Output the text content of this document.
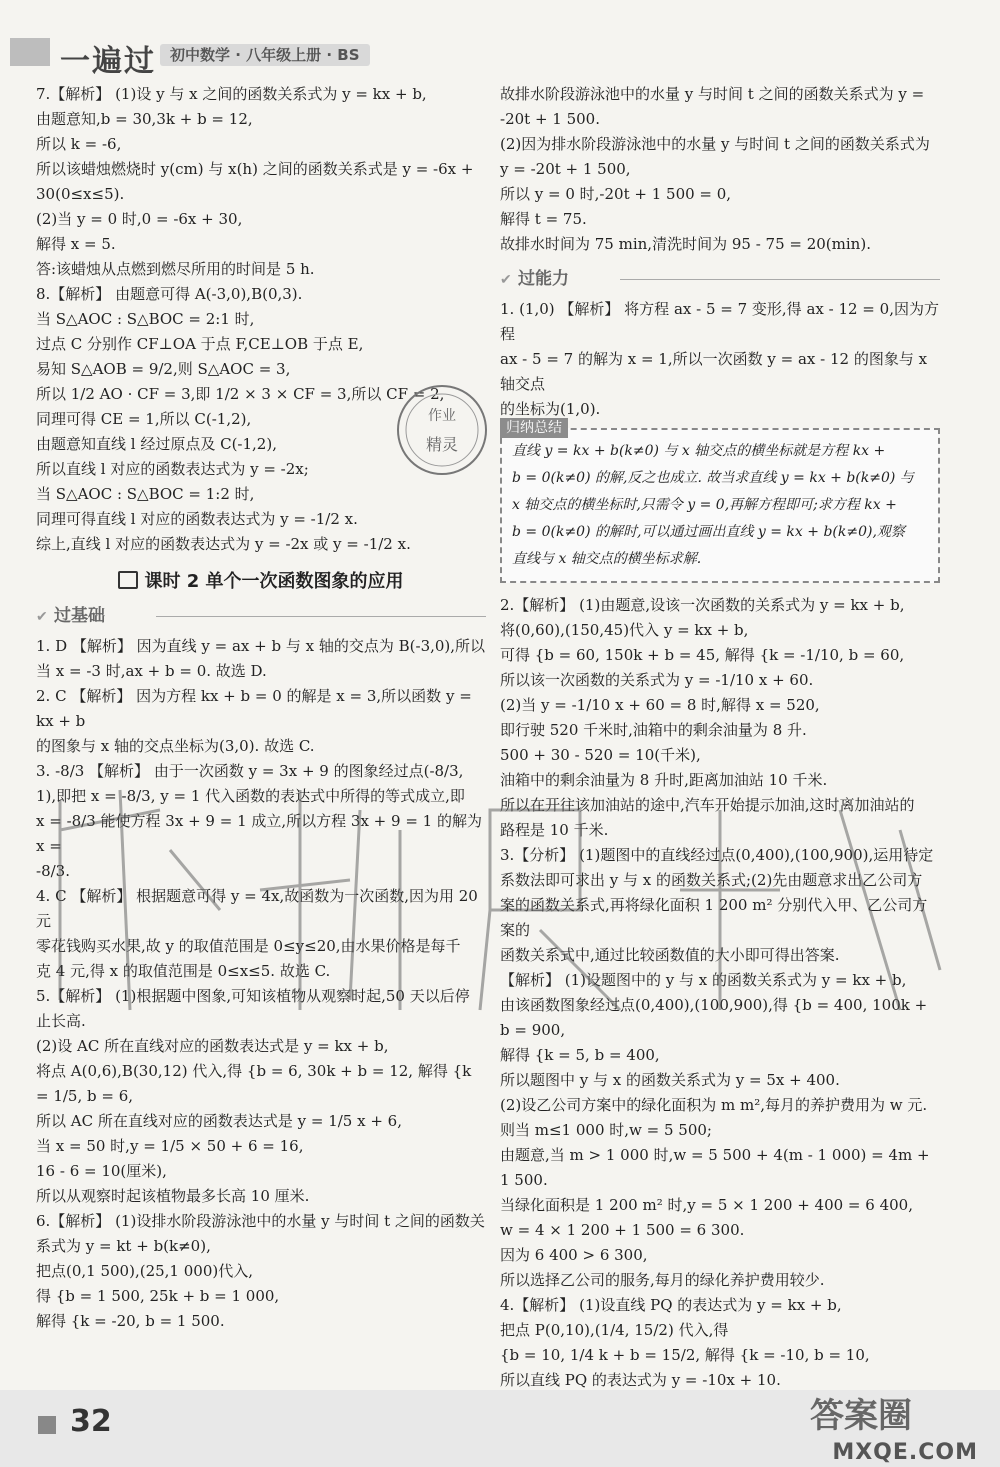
一遍过 初中数学 · 八年级上册 · BS

7.【解析】 (1)设 y 与 x 之间的函数关系式为 y = kx + b,

由题意知,b = 30,3k + b = 12,

所以 k = -6,

所以该蜡烛燃烧时 y(cm) 与 x(h) 之间的函数关系式是 y = -6x +

30(0≤x≤5).

(2)当 y = 0 时,0 = -6x + 30,

解得 x = 5.

答:该蜡烛从点燃到燃尽所用的时间是 5 h.

8.【解析】 由题意可得 A(-3,0),B(0,3).

当 S△AOC : S△BOC = 2:1 时,

过点 C 分别作 CF⊥OA 于点 F,CE⊥OB 于点 E,

易知 S△AOB = 9/2,则 S△AOC = 3,

所以 1/2 AO · CF = 3,即 1/2 × 3 × CF = 3,所以 CF = 2,

同理可得 CE = 1,所以 C(-1,2),

由题意知直线 l 经过原点及 C(-1,2),

所以直线 l 对应的函数表达式为 y = -2x;

当 S△AOC : S△BOC = 1:2 时,

同理可得直线 l 对应的函数表达式为 y = -1/2 x.

综上,直线 l 对应的函数表达式为 y = -2x 或 y = -1/2 x.

课时 2 单个一次函数图象的应用
✔ 过基础

1. D 【解析】 因为直线 y = ax + b 与 x 轴的交点为 B(-3,0),所以

当 x = -3 时,ax + b = 0. 故选 D.

2. C 【解析】 因为方程 kx + b = 0 的解是 x = 3,所以函数 y = kx + b

的图象与 x 轴的交点坐标为(3,0). 故选 C.

3. -8/3 【解析】 由于一次函数 y = 3x + 9 的图象经过点(-8/3,

1),即把 x = -8/3, y = 1 代入函数的表达式中所得的等式成立,即

x = -8/3 能使方程 3x + 9 = 1 成立,所以方程 3x + 9 = 1 的解为 x =

-8/3.

4. C 【解析】 根据题意可得 y = 4x,故函数为一次函数,因为用 20 元

零花钱购买水果,故 y 的取值范围是 0≤y≤20,由水果价格是每千

克 4 元,得 x 的取值范围是 0≤x≤5. 故选 C.

5.【解析】 (1)根据题中图象,可知该植物从观察时起,50 天以后停

止长高.

(2)设 AC 所在直线对应的函数表达式是 y = kx + b,

将点 A(0,6),B(30,12) 代入,得 {b = 6, 30k + b = 12, 解得 {k = 1/5, b = 6,

所以 AC 所在直线对应的函数表达式是 y = 1/5 x + 6,

当 x = 50 时,y = 1/5 × 50 + 6 = 16,

16 - 6 = 10(厘米),

所以从观察时起该植物最多长高 10 厘米.

6.【解析】 (1)设排水阶段游泳池中的水量 y 与时间 t 之间的函数关

系式为 y = kt + b(k≠0),

把点(0,1 500),(25,1 000)代入,

得 {b = 1 500, 25k + b = 1 000,

解得 {k = -20, b = 1 500.

故排水阶段游泳池中的水量 y 与时间 t 之间的函数关系式为 y =

-20t + 1 500.

(2)因为排水阶段游泳池中的水量 y 与时间 t 之间的函数关系式为

y = -20t + 1 500,

所以 y = 0 时,-20t + 1 500 = 0,

解得 t = 75.

故排水时间为 75 min,清洗时间为 95 - 75 = 20(min).

✔ 过能力

1. (1,0) 【解析】 将方程 ax - 5 = 7 变形,得 ax - 12 = 0,因为方程

ax - 5 = 7 的解为 x = 1,所以一次函数 y = ax - 12 的图象与 x 轴交点

的坐标为(1,0).

归纳总结

直线 y = kx + b(k≠0) 与 x 轴交点的横坐标就是方程 kx +

b = 0(k≠0) 的解,反之也成立. 故当求直线 y = kx + b(k≠0) 与

x 轴交点的横坐标时,只需令 y = 0,再解方程即可;求方程 kx +

b = 0(k≠0) 的解时,可以通过画出直线 y = kx + b(k≠0),观察

直线与 x 轴交点的横坐标求解.

2.【解析】 (1)由题意,设该一次函数的关系式为 y = kx + b,

将(0,60),(150,45)代入 y = kx + b,

可得 {b = 60, 150k + b = 45, 解得 {k = -1/10, b = 60,

所以该一次函数的关系式为 y = -1/10 x + 60.

(2)当 y = -1/10 x + 60 = 8 时,解得 x = 520,

即行驶 520 千米时,油箱中的剩余油量为 8 升.

500 + 30 - 520 = 10(千米),

油箱中的剩余油量为 8 升时,距离加油站 10 千米.

所以在开往该加油站的途中,汽车开始提示加油,这时离加油站的

路程是 10 千米.

3.【分析】 (1)题图中的直线经过点(0,400),(100,900),运用待定

系数法即可求出 y 与 x 的函数关系式;(2)先由题意求出乙公司方

案的函数关系式,再将绿化面积 1 200 m² 分别代入甲、乙公司方案的

函数关系式中,通过比较函数值的大小即可得出答案.

【解析】 (1)设题图中的 y 与 x 的函数关系式为 y = kx + b,

由该函数图象经过点(0,400),(100,900),得 {b = 400, 100k + b = 900,

解得 {k = 5, b = 400,

所以题图中 y 与 x 的函数关系式为 y = 5x + 400.

(2)设乙公司方案中的绿化面积为 m m²,每月的养护费用为 w 元.

则当 m≤1 000 时,w = 5 500;

由题意,当 m > 1 000 时,w = 5 500 + 4(m - 1 000) = 4m + 1 500.

当绿化面积是 1 200 m² 时,y = 5 × 1 200 + 400 = 6 400,

w = 4 × 1 200 + 1 500 = 6 300.

因为 6 400 > 6 300,

所以选择乙公司的服务,每月的绿化养护费用较少.

4.【解析】 (1)设直线 PQ 的表达式为 y = kx + b,

把点 P(0,10),(1/4, 15/2) 代入,得

{b = 10, 1/4 k + b = 15/2, 解得 {k = -10, b = 10,

所以直线 PQ 的表达式为 y = -10x + 10.

作业
精灵
32	答案圈
MXQE.COM
